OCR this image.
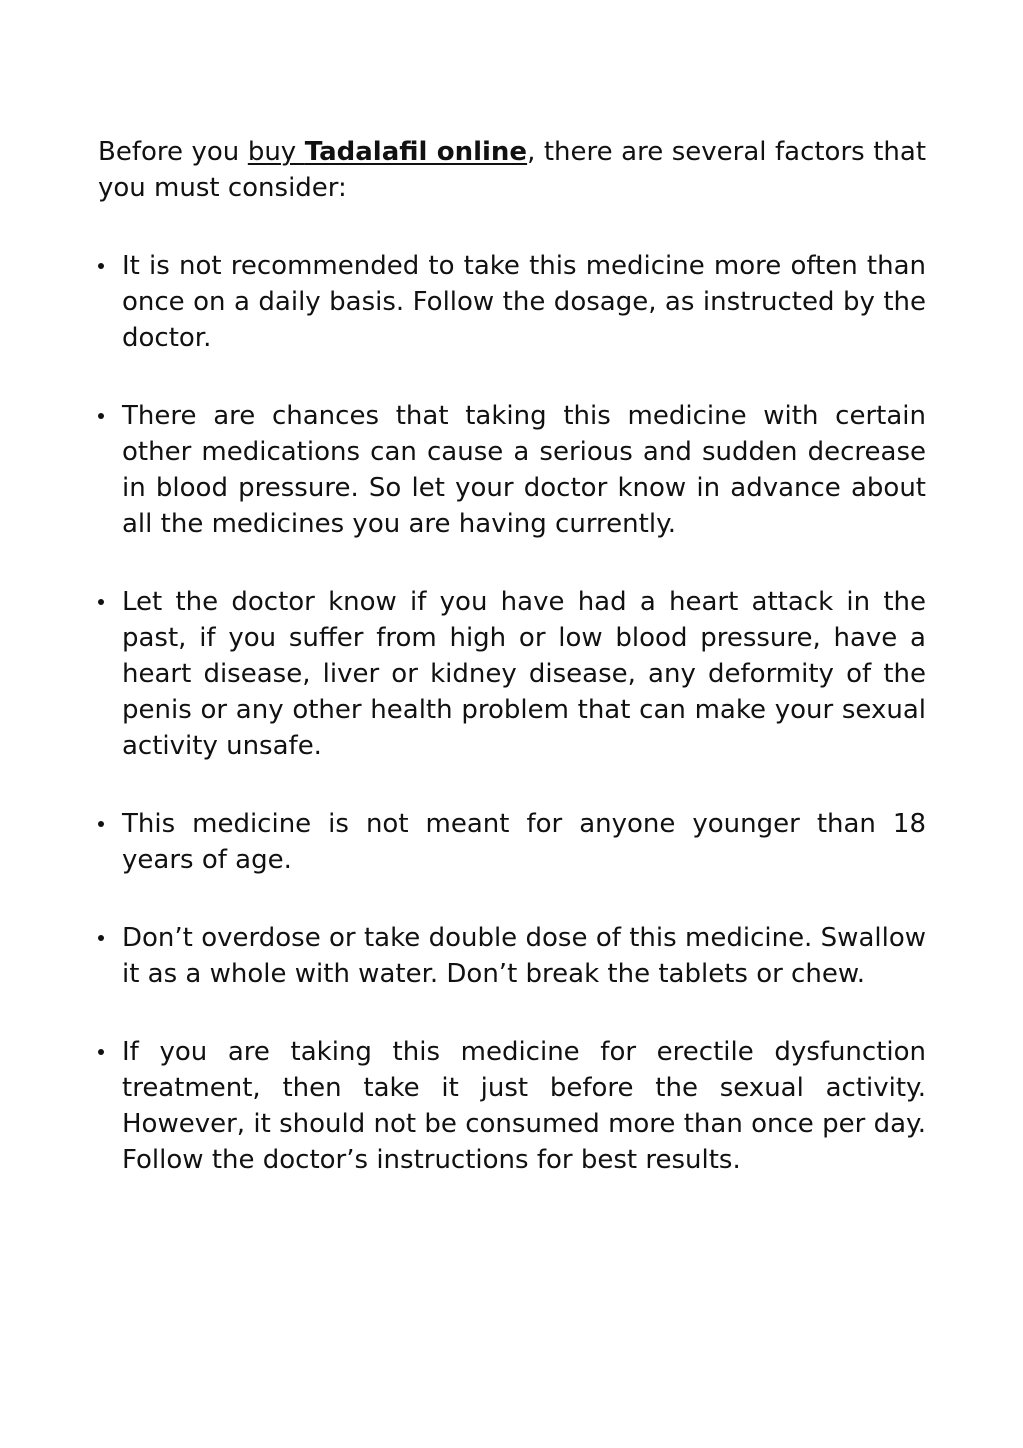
Before you buy Tadalafil online, there are several factors that you must consider:

It is not recommended to take this medicine more often than once on a daily basis. Follow the dosage, as instructed by the doctor.
There are chances that taking this medicine with certain other medications can cause a serious and sudden decrease in blood pressure. So let your doctor know in advance about all the medicines you are having currently.
Let the doctor know if you have had a heart attack in the past, if you suffer from high or low blood pressure, have a heart disease, liver or kidney disease, any deformity of the penis or any other health problem that can make your sexual activity unsafe.
This medicine is not meant for anyone younger than 18 years of age.
Don’t overdose or take double dose of this medicine. Swallow it as a whole with water. Don’t break the tablets or chew.
If you are taking this medicine for erectile dysfunction treatment, then take it just before the sexual activity. However, it should not be consumed more than once per day. Follow the doctor’s instructions for best results.
